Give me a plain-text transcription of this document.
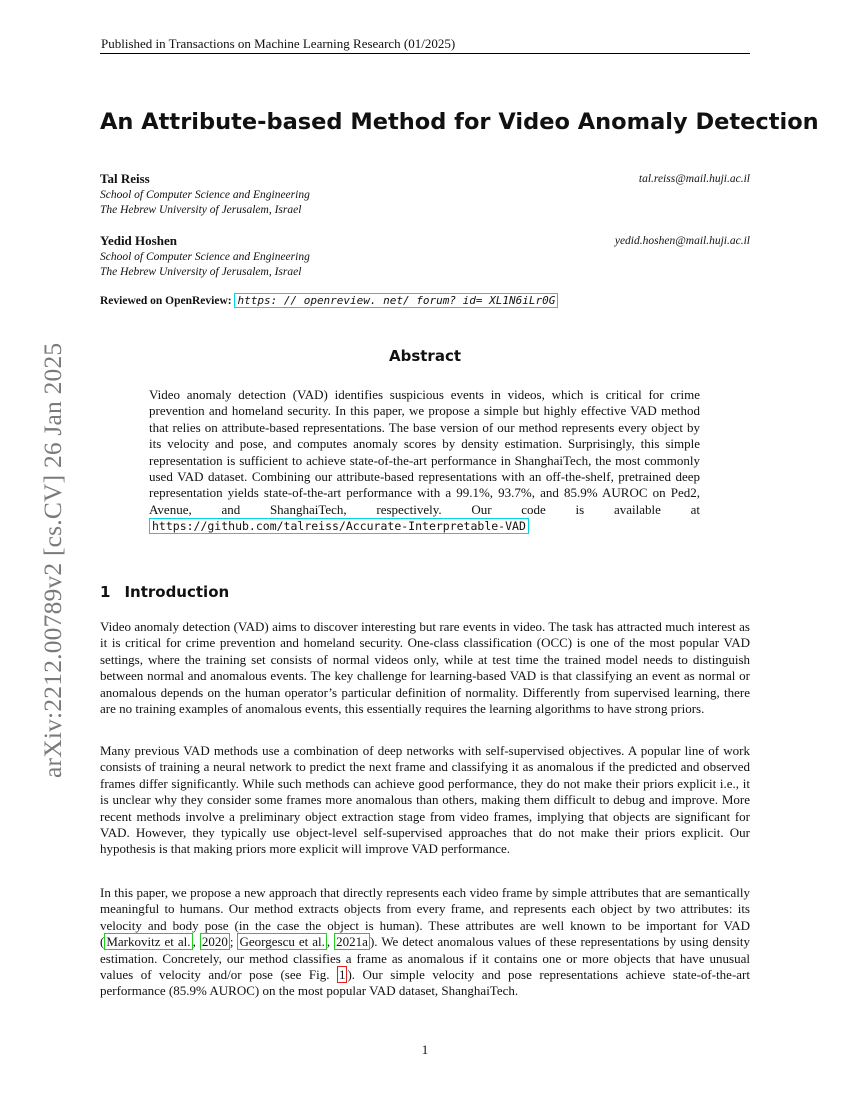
Published in Transactions on Machine Learning Research (01/2025)
arXiv:2212.00789v2 [cs.CV] 26 Jan 2025
An Attribute-based Method for Video Anomaly Detection
Tal Reiss	tal.reiss@mail.huji.ac.il
School of Computer Science and Engineering
The Hebrew University of Jerusalem, Israel
Yedid Hoshen	yedid.hoshen@mail.huji.ac.il
School of Computer Science and Engineering
The Hebrew University of Jerusalem, Israel
Reviewed on OpenReview: https: // openreview. net/ forum? id= XL1N6iLr0G
Abstract
Video anomaly detection (VAD) identifies suspicious events in videos, which is critical for crime prevention and homeland security. In this paper, we propose a simple but highly effective VAD method that relies on attribute-based representations. The base version of our method represents every object by its velocity and pose, and computes anomaly scores by density estimation. Surprisingly, this simple representation is sufficient to achieve state-of-the-art performance in ShanghaiTech, the most commonly used VAD dataset. Combining our attribute-based representations with an off-the-shelf, pretrained deep representation yields state-of-the-art performance with a 99.1%, 93.7%, and 85.9% AUROC on Ped2, Avenue, and ShanghaiTech, respectively. Our code is available at https://github.com/talreiss/Accurate-Interpretable-VAD
1 Introduction
Video anomaly detection (VAD) aims to discover interesting but rare events in video. The task has attracted much interest as it is critical for crime prevention and homeland security. One-class classification (OCC) is one of the most popular VAD settings, where the training set consists of normal videos only, while at test time the trained model needs to distinguish between normal and anomalous events. The key challenge for learning-based VAD is that classifying an event as normal or anomalous depends on the human operator’s particular definition of normality. Differently from supervised learning, there are no training examples of anomalous events, this essentially requires the learning algorithms to have strong priors.
Many previous VAD methods use a combination of deep networks with self-supervised objectives. A popular line of work consists of training a neural network to predict the next frame and classifying it as anomalous if the predicted and observed frames differ significantly. While such methods can achieve good performance, they do not make their priors explicit i.e., it is unclear why they consider some frames more anomalous than others, making them difficult to debug and improve. More recent methods involve a preliminary object extraction stage from video frames, implying that objects are significant for VAD. However, they typically use object-level self-supervised approaches that do not make their priors explicit. Our hypothesis is that making priors more explicit will improve VAD performance.
In this paper, we propose a new approach that directly represents each video frame by simple attributes that are semantically meaningful to humans. Our method extracts objects from every frame, and represents each object by two attributes: its velocity and body pose (in the case the object is human). These attributes are well known to be important for VAD ( Markovitz et al. , 2020 ; Georgescu et al. , 2021a ). We detect anomalous values of these representations by using density estimation. Concretely, our method classifies a frame as anomalous if it contains one or more objects that have unusual values of velocity and/or pose (see Fig. 1 ). Our simple velocity and pose representations achieve state-of-the-art performance (85.9% AUROC) on the most popular VAD dataset, ShanghaiTech.
1
